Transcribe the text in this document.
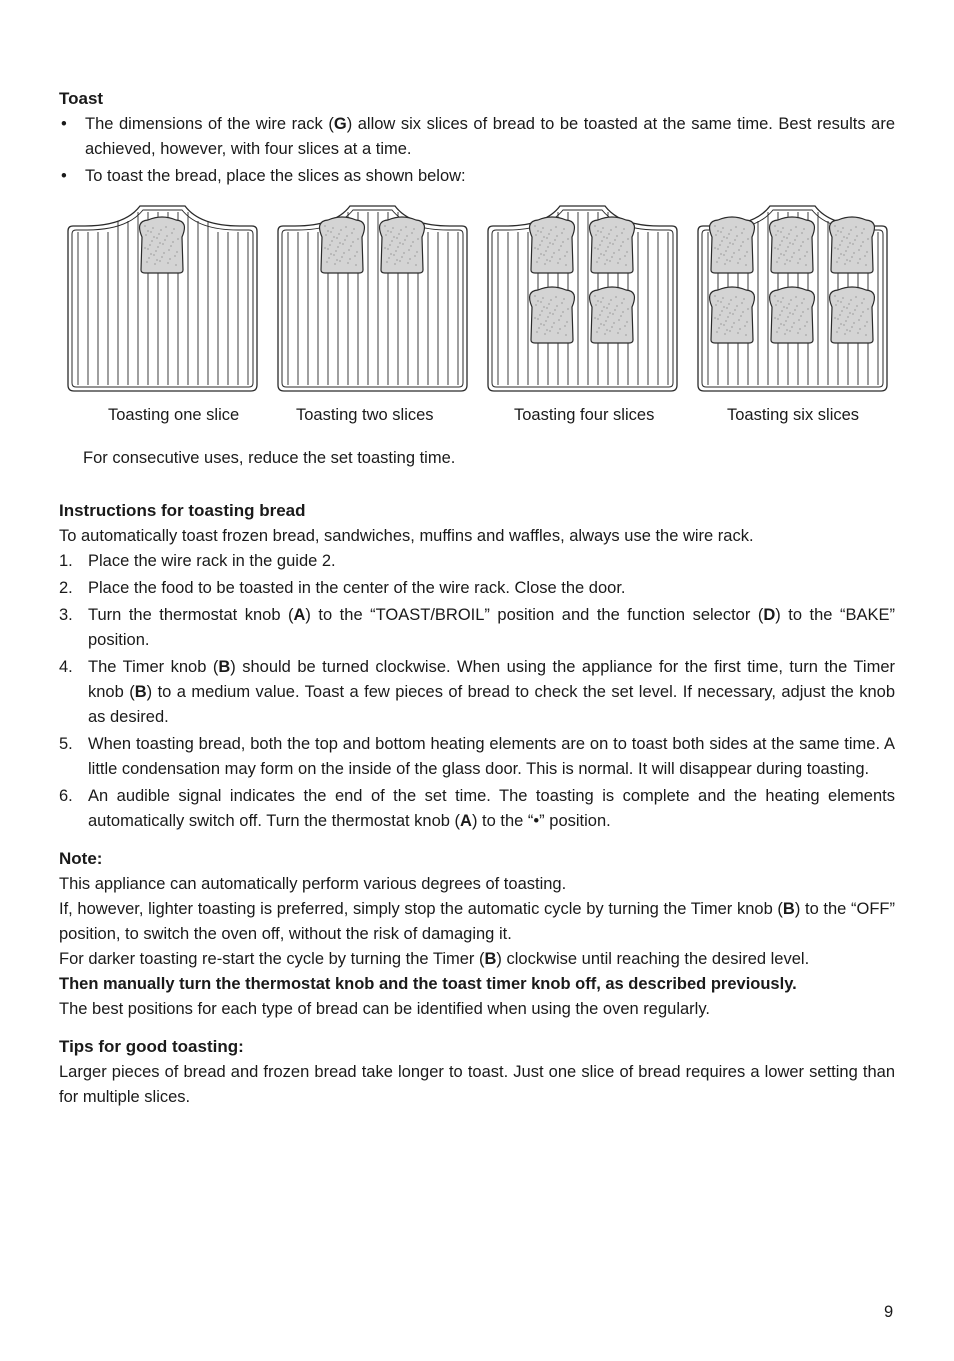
Toast
• The dimensions of the wire rack (G) allow six slices of bread to be toasted at the same time. Best results are achieved, however, with four slices at a time.
• To toast the bread, place the slices as shown below:
Toasting one slice	Toasting two slices	Toasting four slices	Toasting six slices

For consecutive uses, reduce the set toasting time.

Instructions for toasting bread

To automatically toast frozen bread, sandwiches, muffins and waffles, always use the wire rack.

1. Place the wire rack in the guide 2.
2. Place the food to be toasted in the center of the wire rack. Close the door.
3. Turn the thermostat knob (A) to the “TOAST/BROIL” position and the function selector (D) to the “BAKE” position.
4. The Timer knob (B) should be turned clockwise. When using the appliance for the first time, turn the Timer knob (B) to a medium value. Toast a few pieces of bread to check the set level. If necessary, adjust the knob as desired.
5. When toasting bread, both the top and bottom heating elements are on to toast both sides at the same time. A little condensation may form on the inside of the glass door. This is normal. It will disappear during toasting.
6. An audible signal indicates the end of the set time. The toasting is complete and the heating elements automatically switch off. Turn the thermostat knob (A) to the “•” position.
Note:

This appliance can automatically perform various degrees of toasting.

If, however, lighter toasting is preferred, simply stop the automatic cycle by turning the Timer knob (B) to the “OFF” position, to switch the oven off, without the risk of damaging it.

For darker toasting re-start the cycle by turning the Timer (B) clockwise until reaching the desired level.

Then manually turn the thermostat knob and the toast timer knob off, as described previously.

The best positions for each type of bread can be identified when using the oven regularly.

Tips for good toasting:

Larger pieces of bread and frozen bread take longer to toast. Just one slice of bread requires a lower setting than for multiple slices.

9
